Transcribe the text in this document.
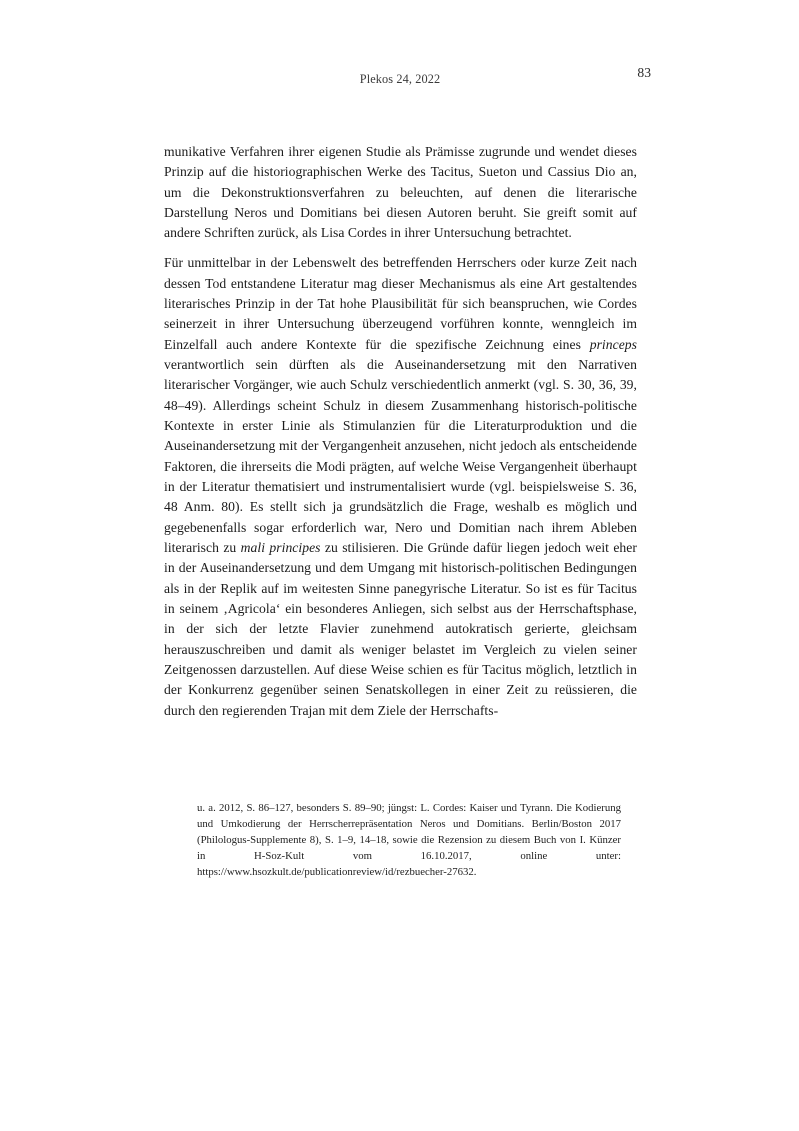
Plekos 24, 2022	83

munikative Verfahren ihrer eigenen Studie als Prämisse zugrunde und wendet dieses Prinzip auf die historiographischen Werke des Tacitus, Sueton und Cassius Dio an, um die Dekonstruktionsverfahren zu beleuchten, auf denen die literarische Darstellung Neros und Domitians bei diesen Autoren beruht. Sie greift somit auf andere Schriften zurück, als Lisa Cordes in ihrer Untersuchung betrachtet.

Für unmittelbar in der Lebenswelt des betreffenden Herrschers oder kurze Zeit nach dessen Tod entstandene Literatur mag dieser Mechanismus als eine Art gestaltendes literarisches Prinzip in der Tat hohe Plausibilität für sich beanspruchen, wie Cordes seinerzeit in ihrer Untersuchung überzeugend vorführen konnte, wenngleich im Einzelfall auch andere Kontexte für die spezifische Zeichnung eines princeps verantwortlich sein dürften als die Auseinandersetzung mit den Narrativen literarischer Vorgänger, wie auch Schulz verschiedentlich anmerkt (vgl. S. 30, 36, 39, 48–49). Allerdings scheint Schulz in diesem Zusammenhang historisch-politische Kontexte in erster Linie als Stimulanzien für die Literaturproduktion und die Auseinandersetzung mit der Vergangenheit anzusehen, nicht jedoch als entscheidende Faktoren, die ihrerseits die Modi prägten, auf welche Weise Vergangenheit überhaupt in der Literatur thematisiert und instrumentalisiert wurde (vgl. beispielsweise S. 36, 48 Anm. 80). Es stellt sich ja grundsätzlich die Frage, weshalb es möglich und gegebenenfalls sogar erforderlich war, Nero und Domitian nach ihrem Ableben literarisch zu mali principes zu stilisieren. Die Gründe dafür liegen jedoch weit eher in der Auseinandersetzung und dem Umgang mit historisch-politischen Bedingungen als in der Replik auf im weitesten Sinne panegyrische Literatur. So ist es für Tacitus in seinem ‚Agricola‘ ein besonderes Anliegen, sich selbst aus der Herrschaftsphase, in der sich der letzte Flavier zunehmend autokratisch gerierte, gleichsam herauszuschreiben und damit als weniger belastet im Vergleich zu vielen seiner Zeitgenossen darzustellen. Auf diese Weise schien es für Tacitus möglich, letztlich in der Konkurrenz gegenüber seinen Senatskollegen in einer Zeit zu reüssieren, die durch den regierenden Trajan mit dem Ziele der Herrschafts-

u. a. 2012, S. 86–127, besonders S. 89–90; jüngst: L. Cordes: Kaiser und Tyrann. Die Kodierung und Umkodierung der Herrscherrepräsentation Neros und Domitians. Berlin/Boston 2017 (Philologus-Supplemente 8), S. 1–9, 14–18, sowie die Rezension zu diesem Buch von I. Künzer in H-Soz-Kult vom 16.10.2017, online unter: https://www.hsozkult.de/publicationreview/id/rezbuecher-27632.
